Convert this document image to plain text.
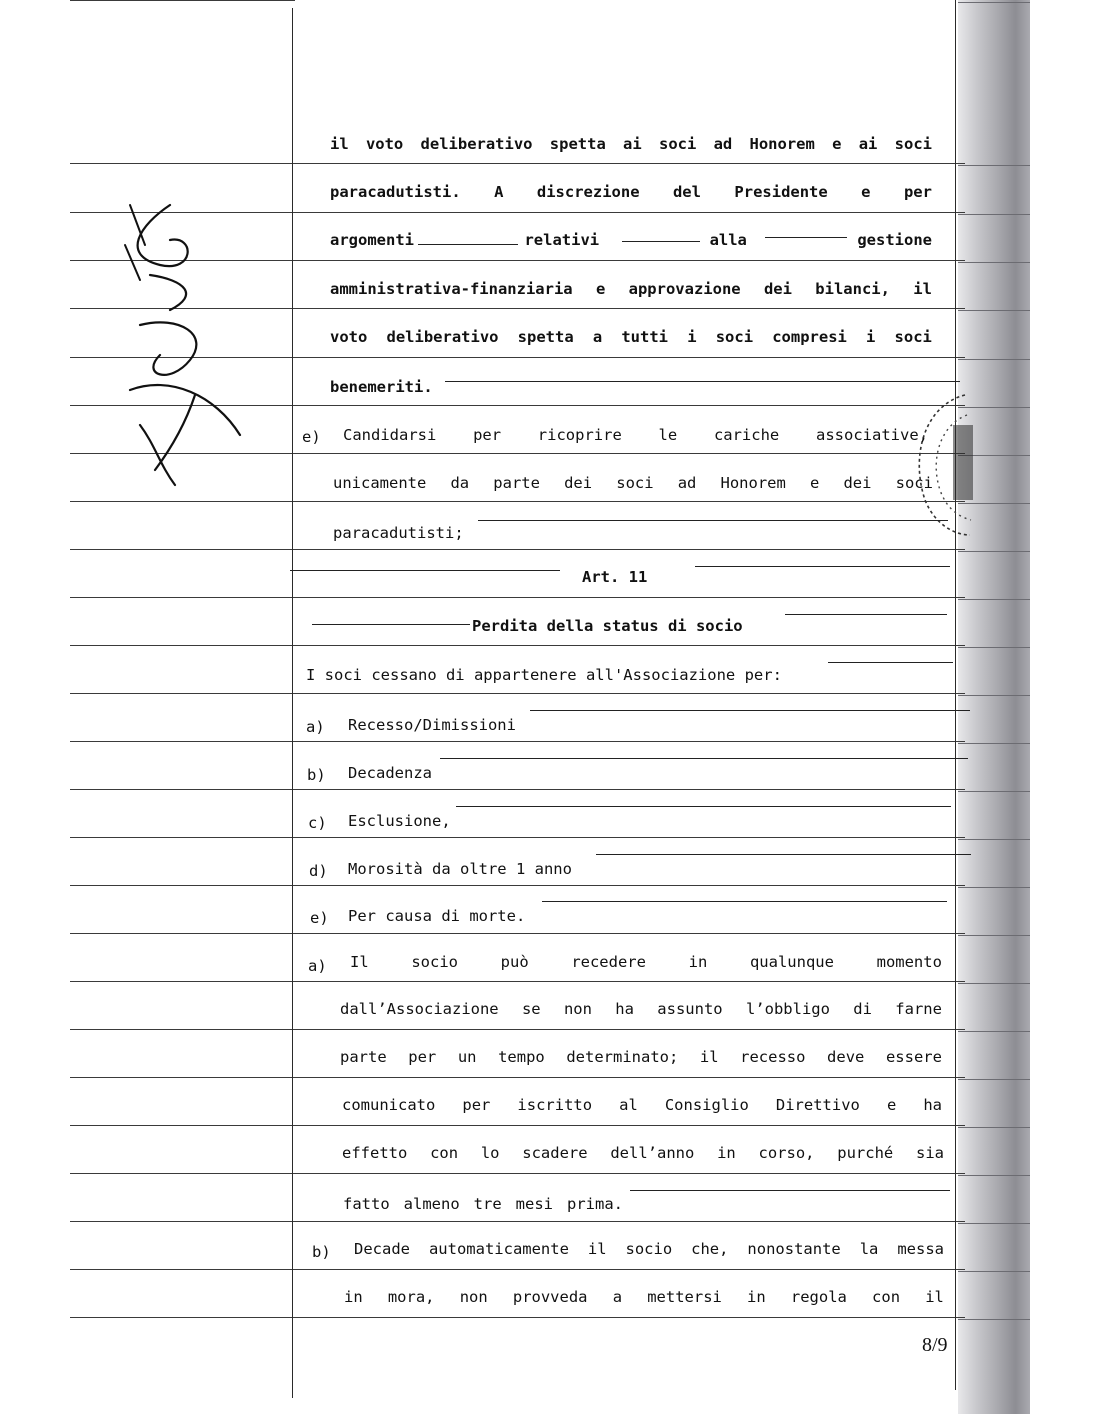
il voto deliberativo spetta ai soci ad Honorem e ai soci
paracadutisti. A discrezione del Presidente e per
argomenti	relativi	alla	gestione
amministrativa-finanziaria e approvazione dei bilanci, il
voto deliberativo spetta a tutti i soci compresi i soci
benemeriti.
e) Candidarsi per ricoprire le cariche associative,
unicamente da parte dei soci ad Honorem e dei soci
paracadutisti;
Art. 11
Perdita della status di socio
I soci cessano di appartenere all'Associazione per:
a) Recesso/Dimissioni
b) Decadenza
c) Esclusione,
d) Morosità da oltre 1 anno
e) Per causa di morte.
a) Il	socio	può	recedere	in	qualunque	momento
dall’Associazione se non ha assunto l’obbligo di farne
parte per un tempo determinato; il recesso deve essere
comunicato per iscritto al Consiglio Direttivo e ha
effetto con lo scadere dell’anno in corso, purché sia
fatto almeno tre mesi prima.
b) Decade automaticamente il socio che, nonostante la messa
in mora, non provveda a mettersi in regola con il
8/9
